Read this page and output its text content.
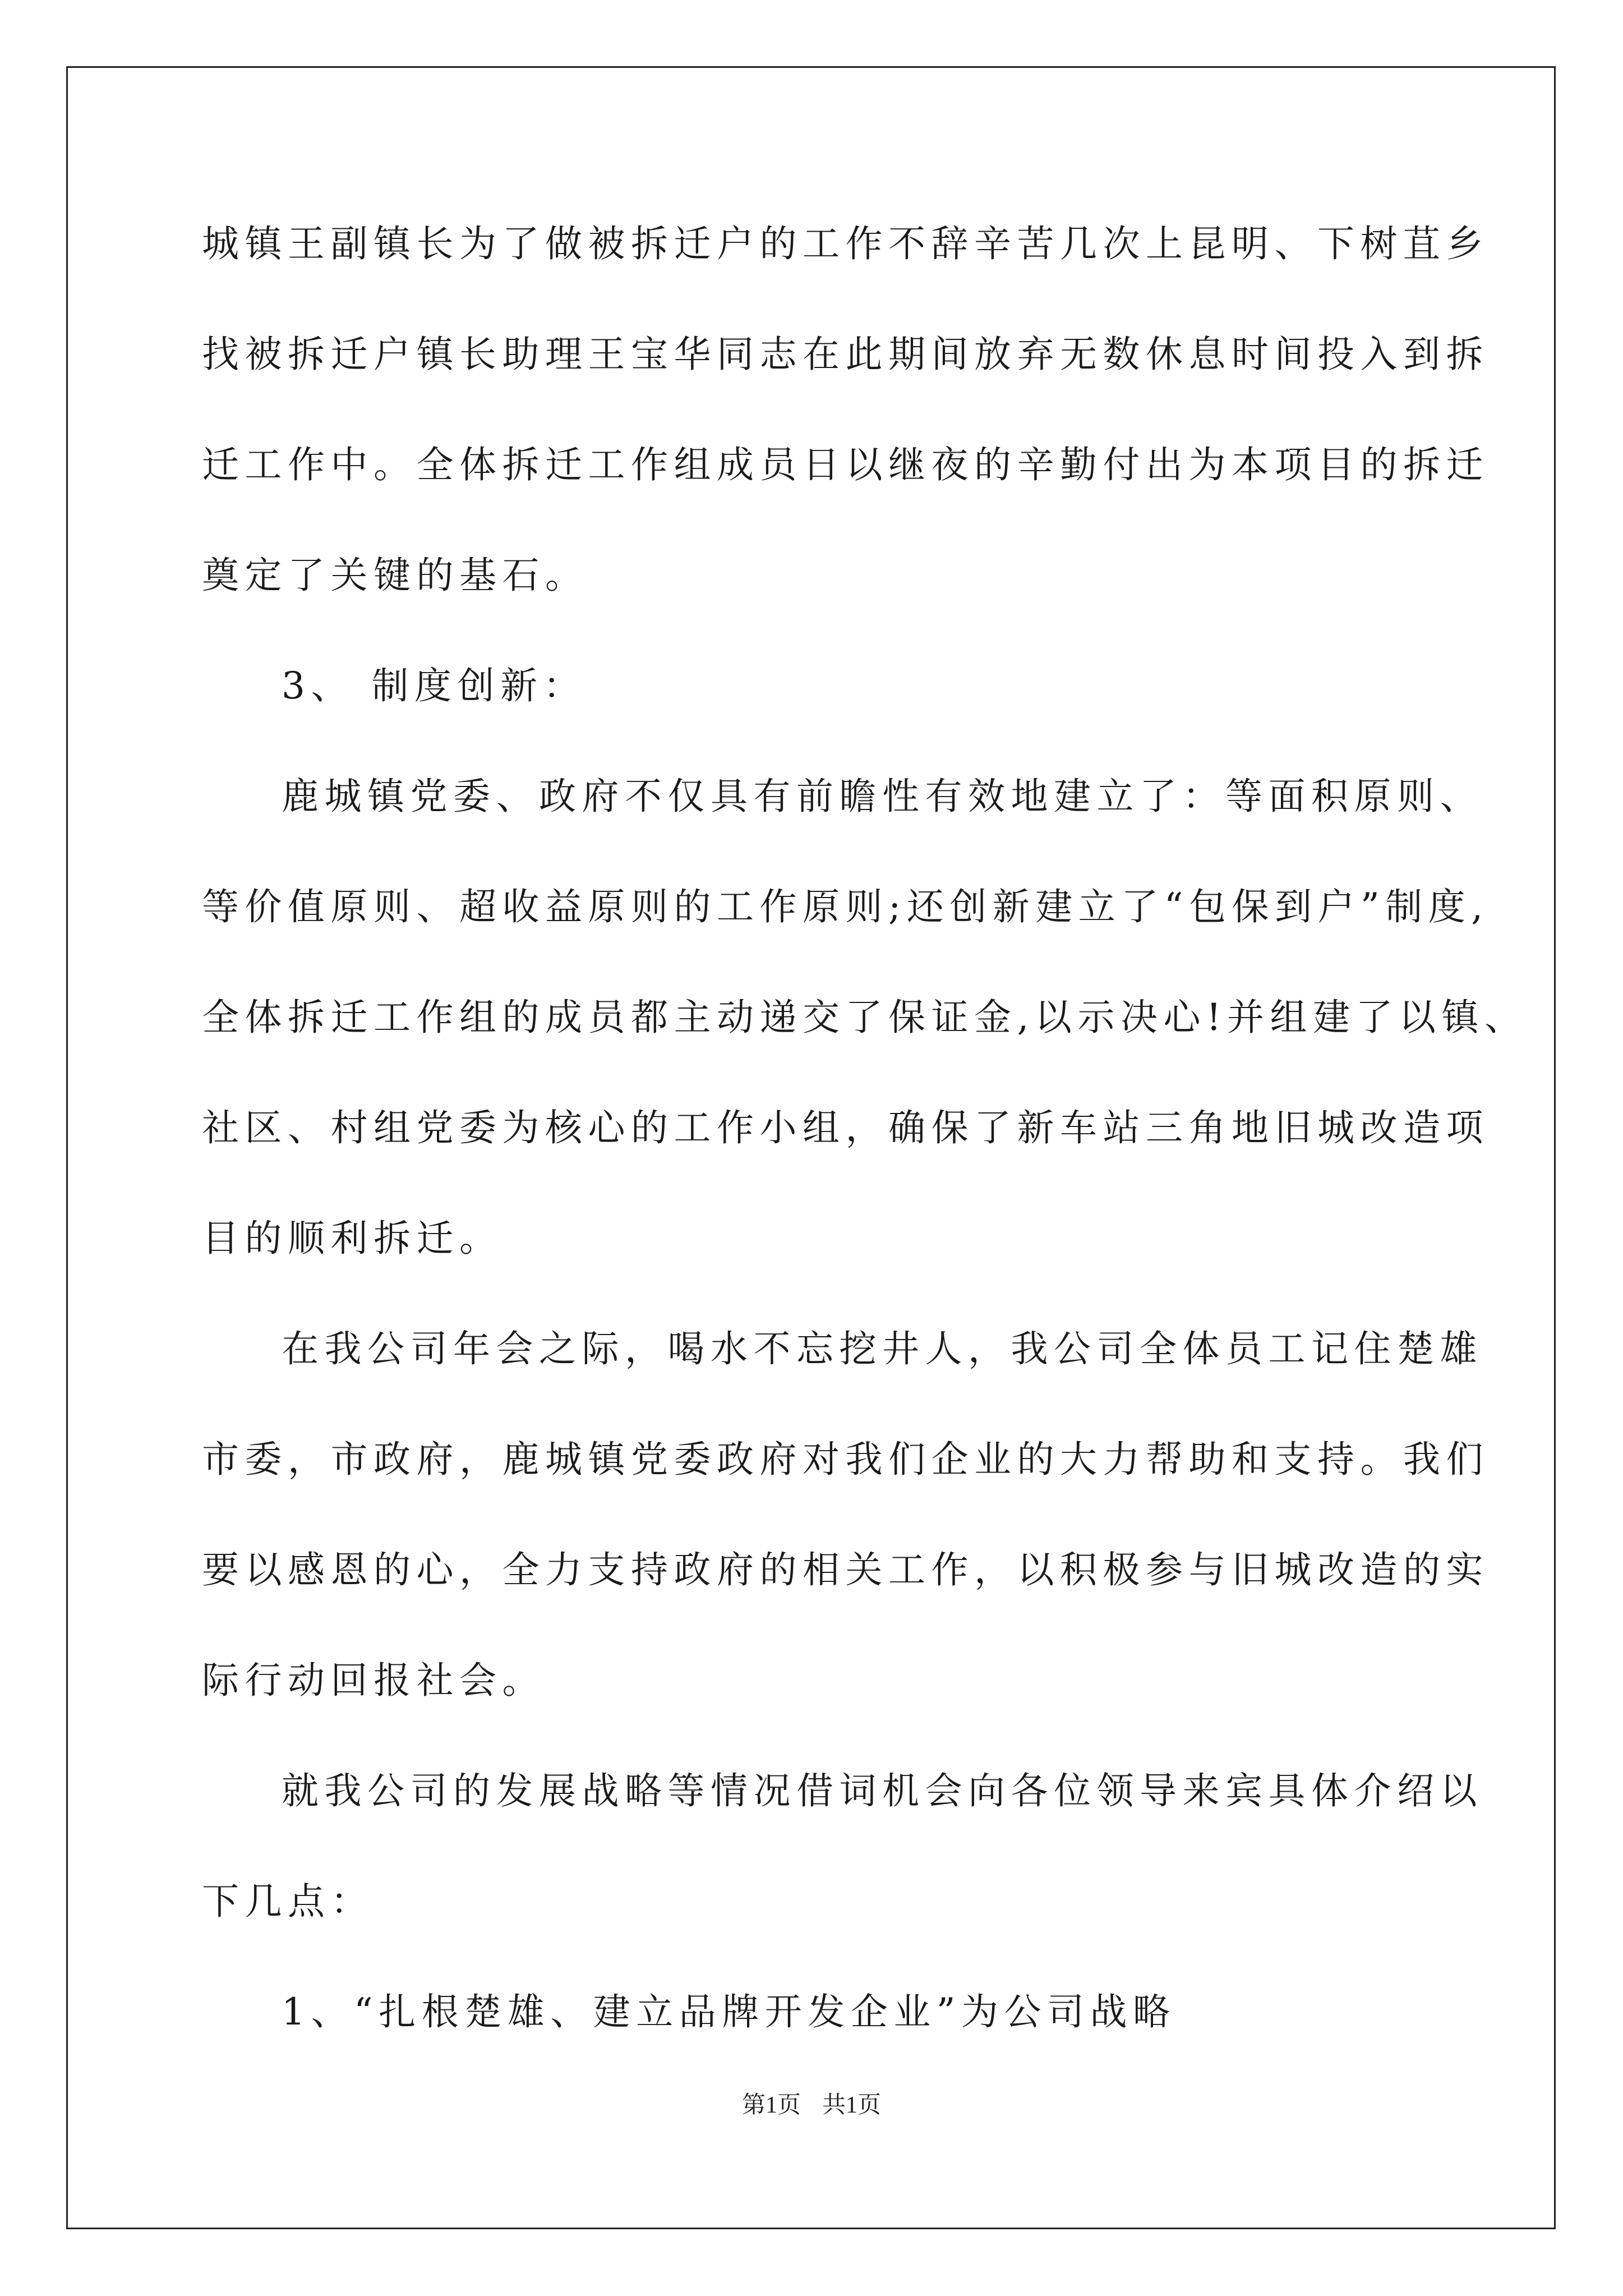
城镇王副镇长为了做被拆迁户的工作不辞辛苦几次上昆明、下树苴乡
找被拆迁户镇长助理王宝华同志在此期间放弃无数休息时间投入到拆
迁工作中。全体拆迁工作组成员日以继夜的辛勤付出为本项目的拆迁
奠定了关键的基石。
3、 制度创新：
鹿城镇党委、政府不仅具有前瞻性有效地建立了：等面积原则、
等价值原则、超收益原则的工作原则;还创新建立了“包保到户”制度,
全体拆迁工作组的成员都主动递交了保证金,以示决心!并组建了以镇、
社区、村组党委为核心的工作小组，确保了新车站三角地旧城改造项
目的顺利拆迁。
在我公司年会之际，喝水不忘挖井人，我公司全体员工记住楚雄
市委，市政府，鹿城镇党委政府对我们企业的大力帮助和支持。我们
要以感恩的心，全力支持政府的相关工作，以积极参与旧城改造的实
际行动回报社会。
就我公司的发展战略等情况借词机会向各位领导来宾具体介绍以
下几点：
1、“扎根楚雄、建立品牌开发企业”为公司战略
第1页 共1页
